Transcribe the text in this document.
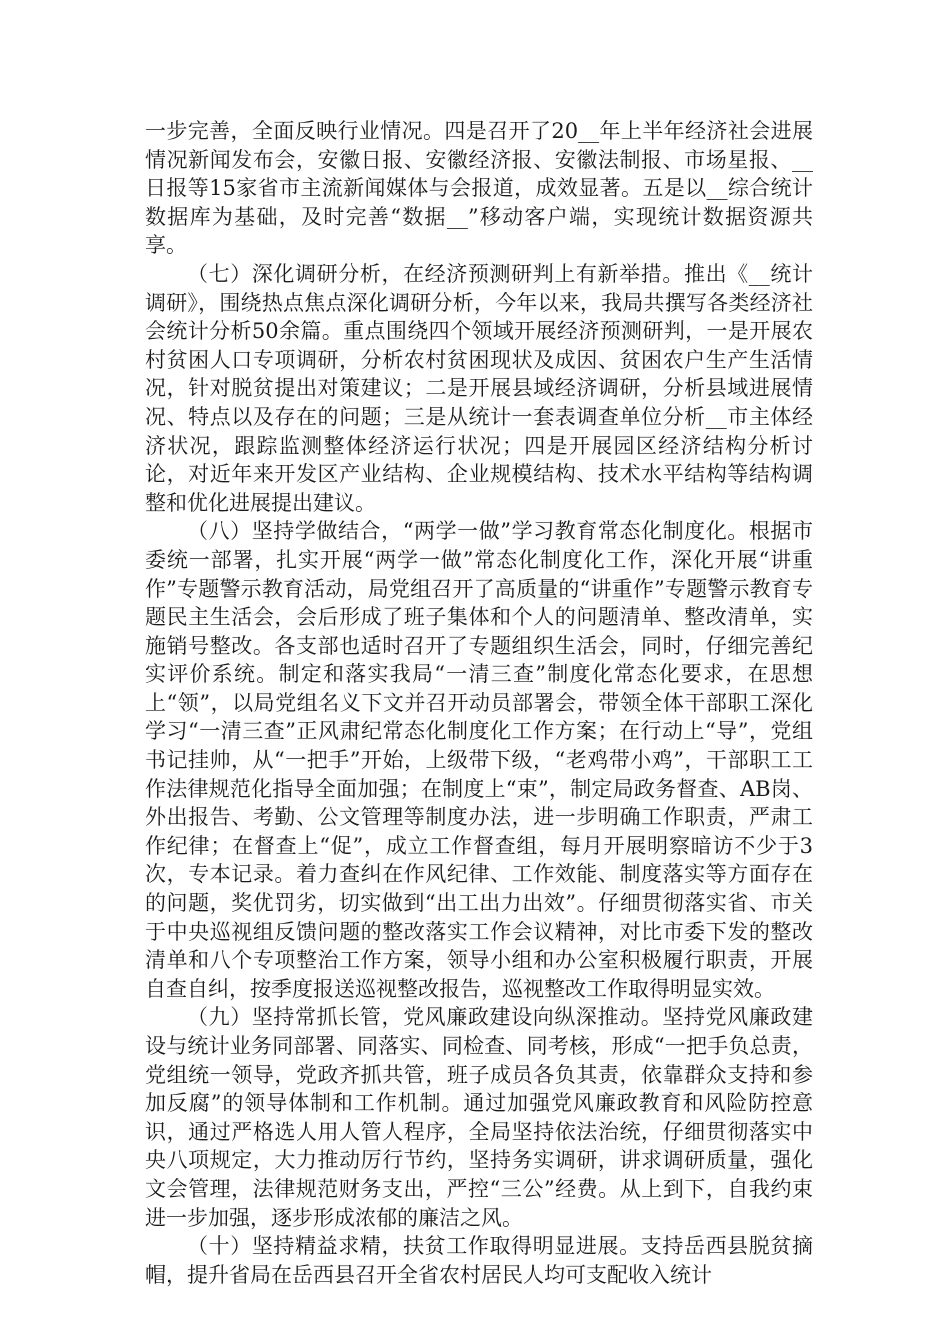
一步完善，全面反映行业情况。四是召开了20__年上半年经济社会进展情况新闻发布会，安徽日报、安徽经济报、安徽法制报、市场星报、__日报等15家省市主流新闻媒体与会报道，成效显著。五是以__综合统计数据库为基础，及时完善“数据__”移动客户端，实现统计数据资源共享。

（七）深化调研分析，在经济预测研判上有新举措。推出《__统计调研》，围绕热点焦点深化调研分析，今年以来，我局共撰写各类经济社会统计分析50余篇。重点围绕四个领域开展经济预测研判，一是开展农村贫困人口专项调研，分析农村贫困现状及成因、贫困农户生产生活情况，针对脱贫提出对策建议；二是开展县域经济调研，分析县域进展情况、特点以及存在的问题；三是从统计一套表调查单位分析__市主体经济状况，跟踪监测整体经济运行状况；四是开展园区经济结构分析讨论，对近年来开发区产业结构、企业规模结构、技术水平结构等结构调整和优化进展提出建议。

（八）坚持学做结合，“两学一做”学习教育常态化制度化。根据市委统一部署，扎实开展“两学一做”常态化制度化工作，深化开展“讲重作”专题警示教育活动，局党组召开了高质量的“讲重作”专题警示教育专题民主生活会，会后形成了班子集体和个人的问题清单、整改清单，实施销号整改。各支部也适时召开了专题组织生活会，同时，仔细完善纪实评价系统。制定和落实我局“一清三查”制度化常态化要求，在思想上“领”，以局党组名义下文并召开动员部署会，带领全体干部职工深化学习“一清三查”正风肃纪常态化制度化工作方案；在行动上“导”，党组书记挂帅，从“一把手”开始，上级带下级，“老鸡带小鸡”，干部职工工作法律规范化指导全面加强；在制度上“束”，制定局政务督查、AB岗、外出报告、考勤、公文管理等制度办法，进一步明确工作职责，严肃工作纪律；在督查上“促”，成立工作督查组，每月开展明察暗访不少于3次，专本记录。着力查纠在作风纪律、工作效能、制度落实等方面存在的问题，奖优罚劣，切实做到“出工出力出效”。仔细贯彻落实省、市关于中央巡视组反馈问题的整改落实工作会议精神，对比市委下发的整改清单和八个专项整治工作方案，领导小组和办公室积极履行职责，开展自查自纠，按季度报送巡视整改报告，巡视整改工作取得明显实效。

（九）坚持常抓长管，党风廉政建设向纵深推动。坚持党风廉政建设与统计业务同部署、同落实、同检查、同考核，形成“一把手负总责，党组统一领导，党政齐抓共管，班子成员各负其责，依靠群众支持和参加反腐”的领导体制和工作机制。通过加强党风廉政教育和风险防控意识，通过严格选人用人管人程序，全局坚持依法治统，仔细贯彻落实中央八项规定，大力推动厉行节约，坚持务实调研，讲求调研质量，强化文会管理，法律规范财务支出，严控“三公”经费。从上到下，自我约束进一步加强，逐步形成浓郁的廉洁之风。

（十）坚持精益求精，扶贫工作取得明显进展。支持岳西县脱贫摘帽，提升省局在岳西县召开全省农村居民人均可支配收入统计
